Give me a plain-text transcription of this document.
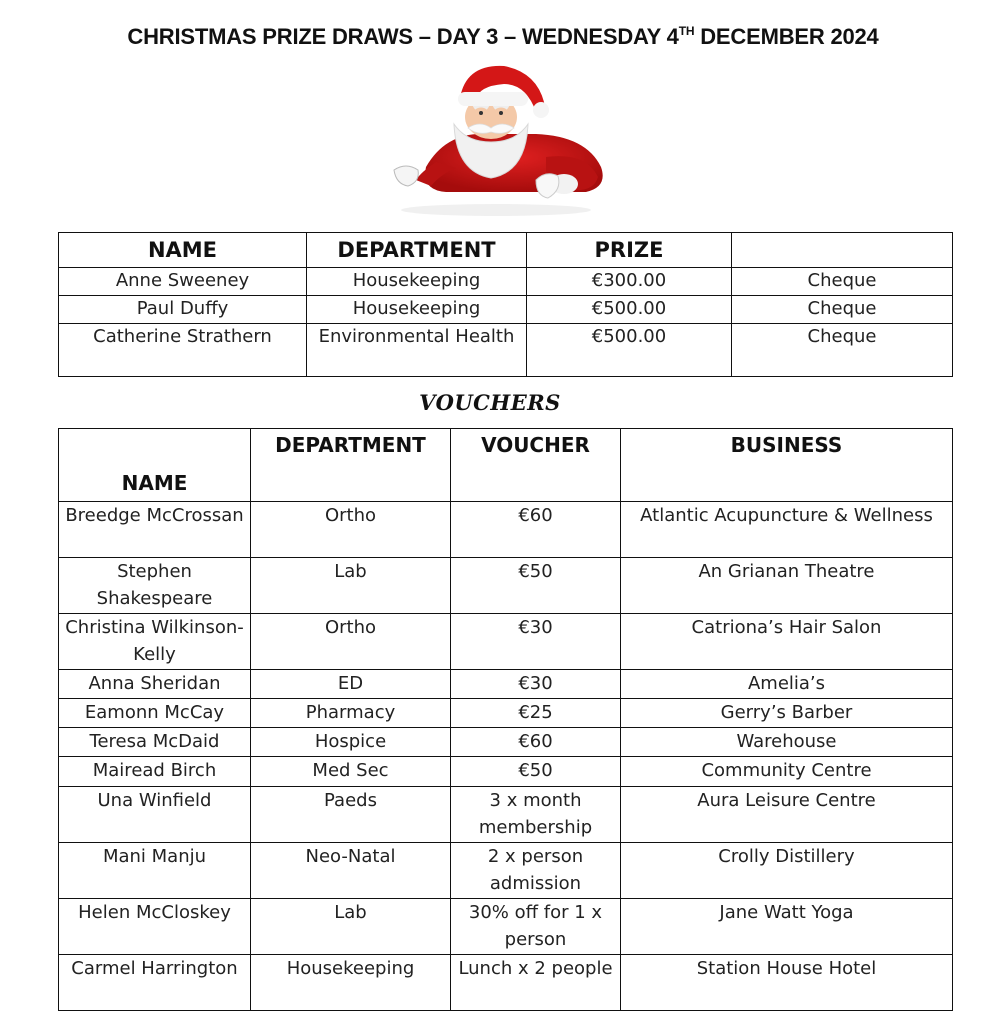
CHRISTMAS PRIZE DRAWS – DAY 3 – WEDNESDAY 4TH DECEMBER 2024
NAME	DEPARTMENT	PRIZE	
Anne Sweeney	Housekeeping	€300.00	Cheque
Paul Duffy	Housekeeping	€500.00	Cheque
Catherine Strathern	Environmental Health	€500.00	Cheque
VOUCHERS
NAME	DEPARTMENT	VOUCHER	BUSINESS
Breedge McCrossan	Ortho	€60	Atlantic Acupuncture & Wellness
Stephen Shakespeare	Lab	€50	An Grianan Theatre
Christina Wilkinson-Kelly	Ortho	€30	Catriona’s Hair Salon
Anna Sheridan	ED	€30	Amelia’s
Eamonn McCay	Pharmacy	€25	Gerry’s Barber
Teresa McDaid	Hospice	€60	Warehouse
Mairead Birch	Med Sec	€50	Community Centre
Una Winfield	Paeds	3 x month membership	Aura Leisure Centre
Mani Manju	Neo-Natal	2 x person admission	Crolly Distillery
Helen McCloskey	Lab	30% off for 1 x person	Jane Watt Yoga
Carmel Harrington	Housekeeping	Lunch x 2 people	Station House Hotel
